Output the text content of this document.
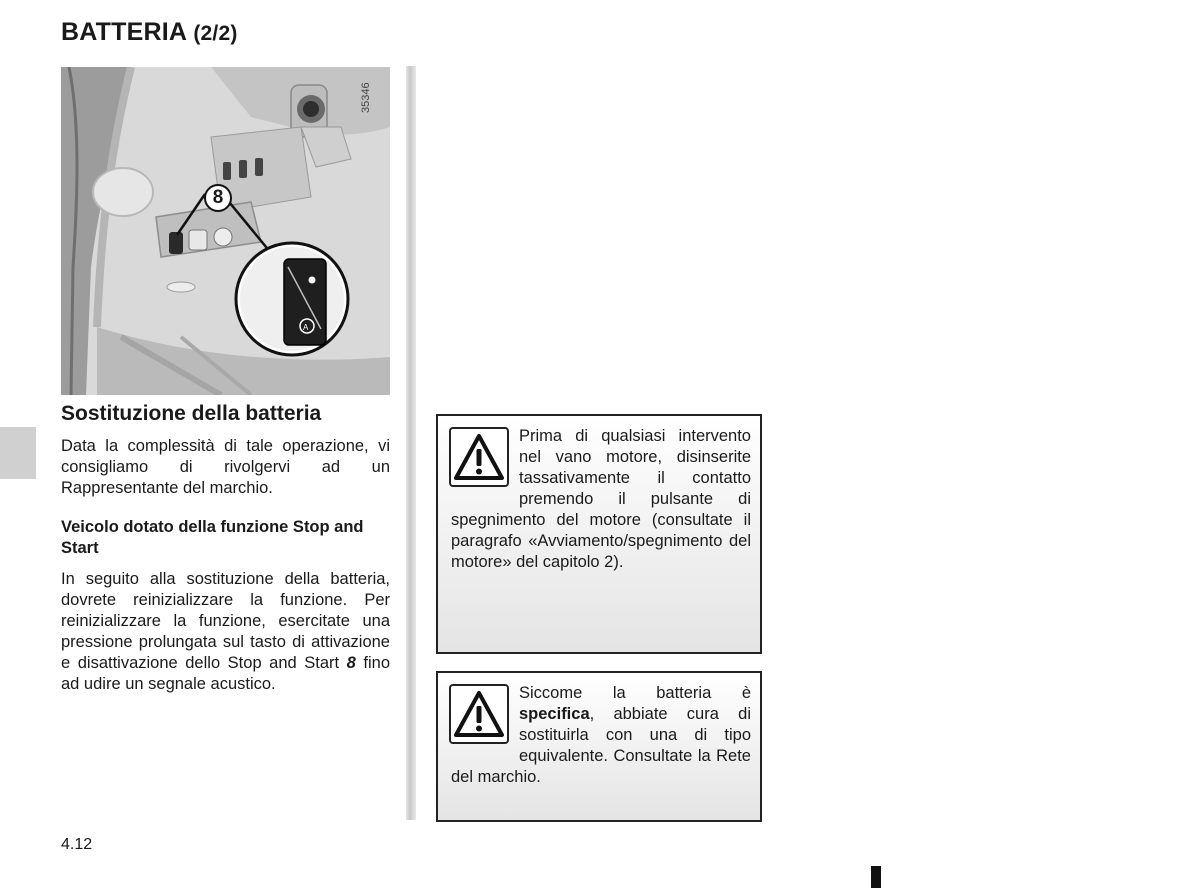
BATTERIA (2/2)
A
35346
8
Sostituzione della batteria
Data la complessità di tale operazione, vi consigliamo di rivolgervi ad un Rappresentante del marchio.
Veicolo dotato della funzione Stop and Start
In seguito alla sostituzione della batteria, dovrete reinizializzare la funzione. Per reinizializzare la funzione, esercitate una pressione prolungata sul tasto di attivazione e disattivazione dello Stop and Start 8 fino ad udire un segnale acustico.

Prima di qualsiasi intervento nel vano motore, disinserite tassativamente il contatto premendo il pulsante di spegnimento del motore (consultate il paragrafo «Avviamento/spegnimento del motore» del capitolo 2).

Siccome la batteria è specifica, abbiate cura di sostituirla con una di tipo equivalente. Consultate la Rete del marchio.

4.12
